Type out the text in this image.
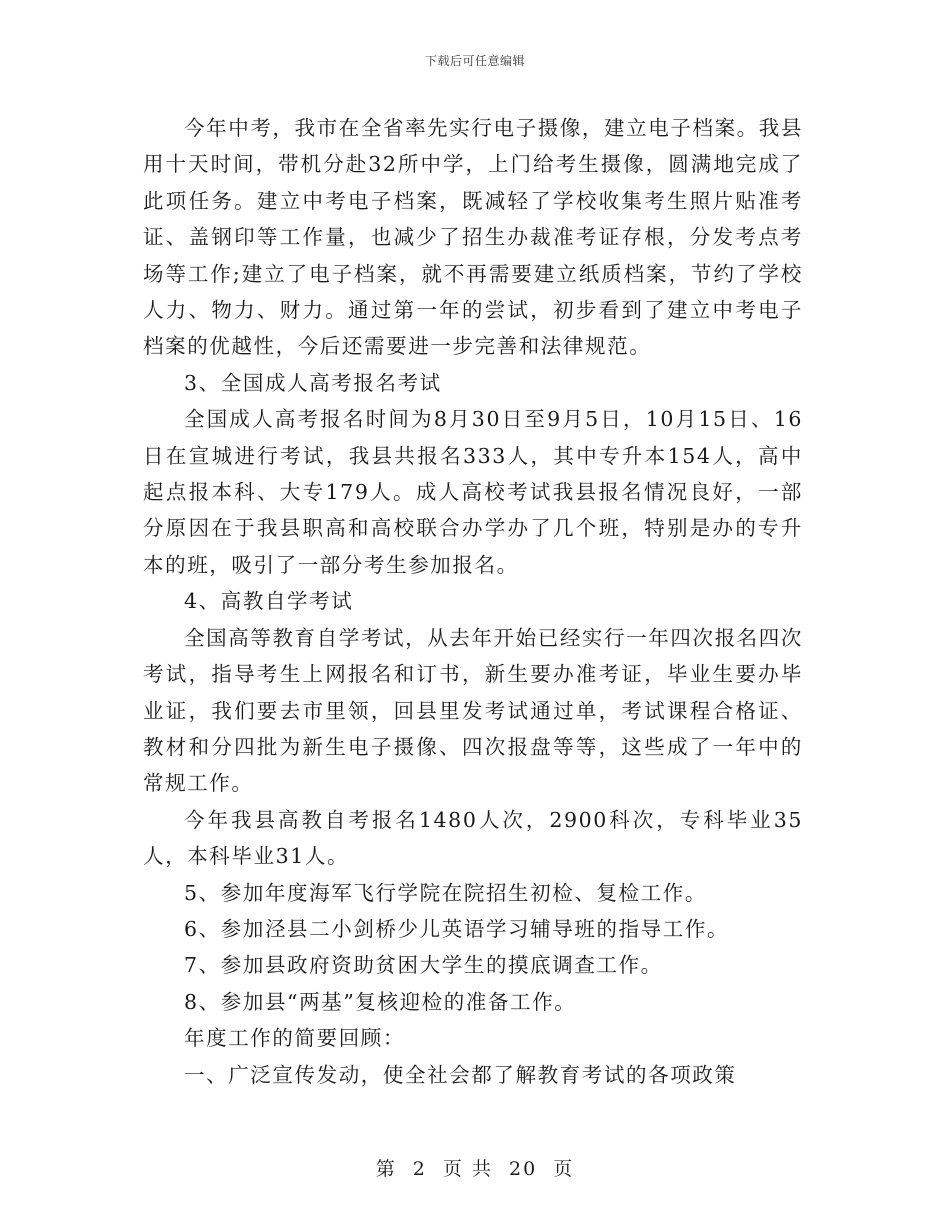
下载后可任意编辑

今年中考，我市在全省率先实行电子摄像，建立电子档案。我县用十天时间，带机分赴32所中学，上门给考生摄像，圆满地完成了此项任务。建立中考电子档案，既减轻了学校收集考生照片贴准考证、盖钢印等工作量，也减少了招生办裁准考证存根，分发考点考场等工作;建立了电子档案，就不再需要建立纸质档案，节约了学校人力、物力、财力。通过第一年的尝试，初步看到了建立中考电子档案的优越性，今后还需要进一步完善和法律规范。

3、全国成人高考报名考试

全国成人高考报名时间为8月30日至9月5日，10月15日、16日在宣城进行考试，我县共报名333人，其中专升本154人，高中起点报本科、大专179人。成人高校考试我县报名情况良好，一部分原因在于我县职高和高校联合办学办了几个班，特别是办的专升本的班，吸引了一部分考生参加报名。

4、高教自学考试

全国高等教育自学考试，从去年开始已经实行一年四次报名四次考试，指导考生上网报名和订书，新生要办准考证，毕业生要办毕业证，我们要去市里领，回县里发考试通过单，考试课程合格证、教材和分四批为新生电子摄像、四次报盘等等，这些成了一年中的常规工作。

今年我县高教自考报名1480人次，2900科次，专科毕业35人，本科毕业31人。

5、参加年度海军飞行学院在院招生初检、复检工作。

6、参加泾县二小剑桥少儿英语学习辅导班的指导工作。

7、参加县政府资助贫困大学生的摸底调查工作。

8、参加县“两基”复核迎检的准备工作。

年度工作的简要回顾：

一、广泛宣传发动，使全社会都了解教育考试的各项政策

第 2 页 共 20 页
